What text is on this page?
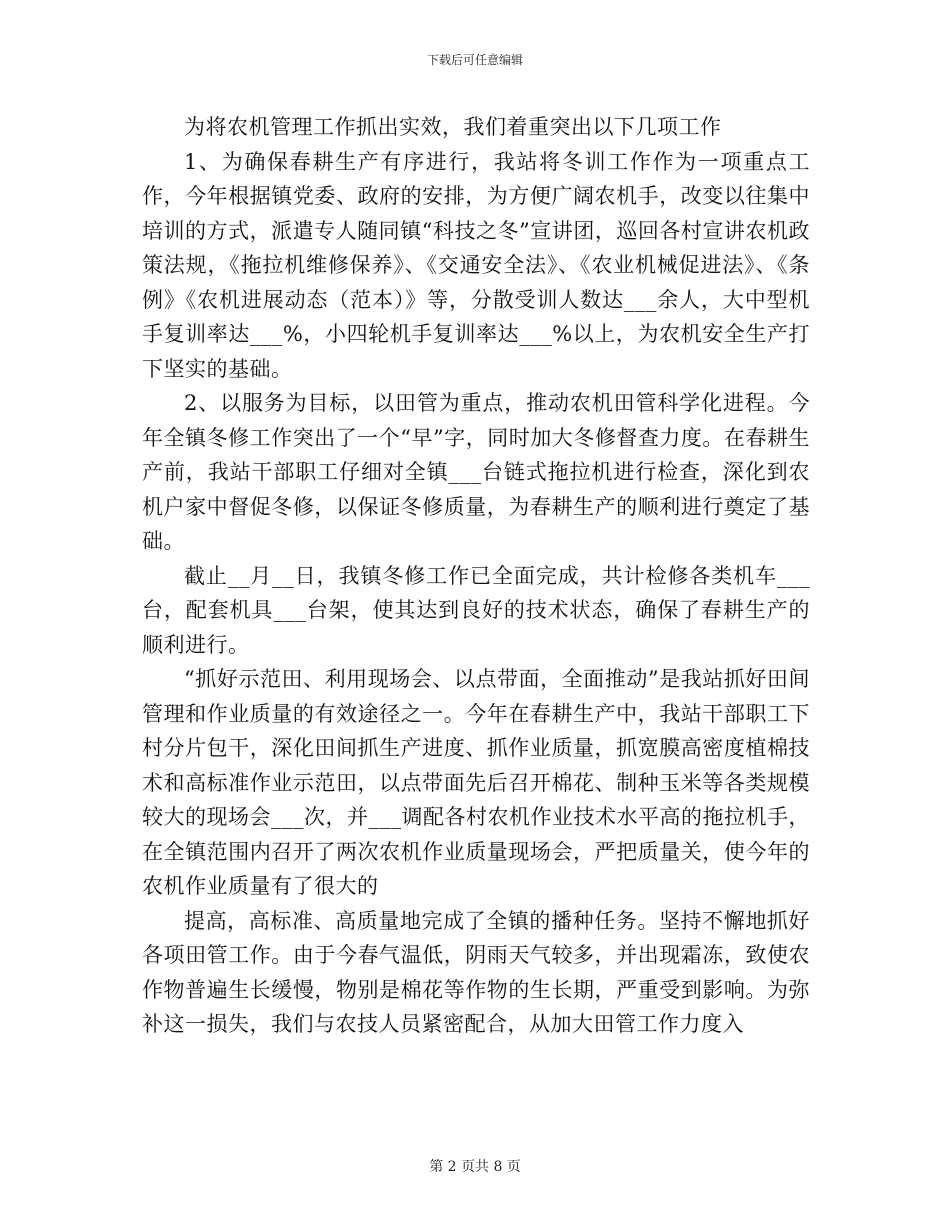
下载后可任意编辑

为将农机管理工作抓出实效，我们着重突出以下几项工作

1、为确保春耕生产有序进行，我站将冬训工作作为一项重点工作，今年根据镇党委、政府的安排，为方便广阔农机手，改变以往集中培训的方式，派遣专人随同镇“科技之冬”宣讲团，巡回各村宣讲农机政策法规，《拖拉机维修保养》、《交通安全法》、《农业机械促进法》、《条例》《农机进展动态（范本）》等，分散受训人数达___余人，大中型机手复训率达___%，小四轮机手复训率达___%以上，为农机安全生产打下坚实的基础。

2、以服务为目标，以田管为重点，推动农机田管科学化进程。今年全镇冬修工作突出了一个“早”字，同时加大冬修督查力度。在春耕生产前，我站干部职工仔细对全镇___台链式拖拉机进行检查，深化到农机户家中督促冬修，以保证冬修质量，为春耕生产的顺利进行奠定了基础。

截止__月__日，我镇冬修工作已全面完成，共计检修各类机车___台，配套机具___台架，使其达到良好的技术状态，确保了春耕生产的顺利进行。

“抓好示范田、利用现场会、以点带面，全面推动”是我站抓好田间管理和作业质量的有效途径之一。今年在春耕生产中，我站干部职工下村分片包干，深化田间抓生产进度、抓作业质量，抓宽膜高密度植棉技术和高标准作业示范田，以点带面先后召开棉花、制种玉米等各类规模较大的现场会___次，并___调配各村农机作业技术水平高的拖拉机手，在全镇范围内召开了两次农机作业质量现场会，严把质量关，使今年的农机作业质量有了很大的

提高，高标准、高质量地完成了全镇的播种任务。坚持不懈地抓好各项田管工作。由于今春气温低，阴雨天气较多，并出现霜冻，致使农作物普遍生长缓慢，物别是棉花等作物的生长期，严重受到影响。为弥补这一损失，我们与农技人员紧密配合，从加大田管工作力度入

第 2 页共 8 页
